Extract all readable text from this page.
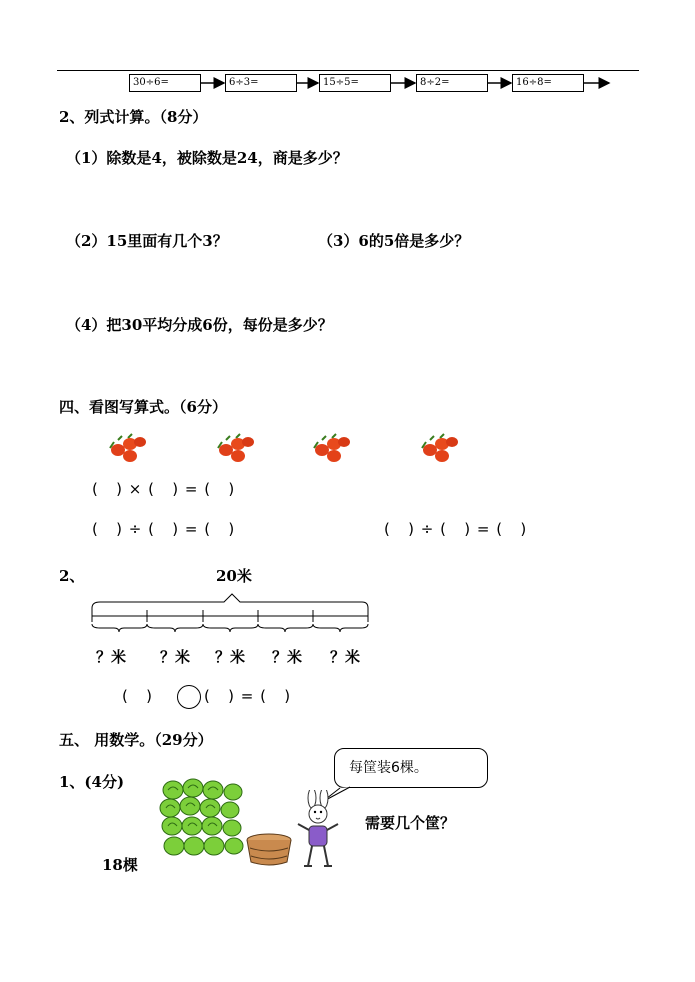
30÷6=	6÷3=	15÷5=	8÷2=	16÷8=
2、列式计算。（8分）
（1）除数是4，被除数是24，商是多少？
（2）15里面有几个3？	（3）6的5倍是多少？
（4）把30平均分成6份，每份是多少？
四、看图写算式。（6分）
(   ) × (   ) = (   )
(   ) ÷ (   ) = (   )	(   ) ÷ (   ) = (   )
2、	20米
？米 ？米 ？米 ？米 ？米
(   )	(   ) = (   )
五、 用数学。（29分）
1、(4分)
每筐装6棵。
需要几个筐？
18棵
